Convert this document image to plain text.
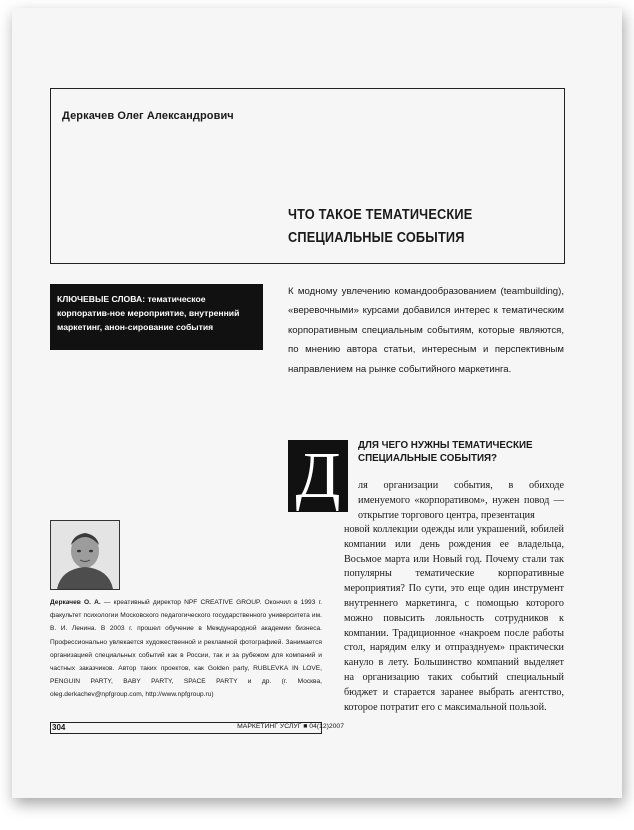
Деркачев Олег Александрович
ЧТО ТАКОЕ ТЕМАТИЧЕСКИЕ
СПЕЦИАЛЬНЫЕ СОБЫТИЯ
КЛЮЧЕВЫЕ СЛОВА: тематическое корпоратив-ное мероприятие, внутренний маркетинг, анон-сирование события
К модному увлечению командообразованием (teambuilding), «веревочными» курсами добавился интерес к тематическим корпоративным специальным событиям, которые являются, по мнению автора статьи, интересным и перспективным направлением на рынке событийного маркетинга.
Д	ДЛЯ ЧЕГО НУЖНЫ ТЕМАТИЧЕСКИЕ
СПЕЦИАЛЬНЫЕ СОБЫТИЯ?
ля организации события, в обиходе именуемого «корпоративом», нужен повод — открытие торгового центра, презентация
новой коллекции одежды или украшений, юбилей компании или день рождения ее владельца, Восьмое марта или Новый год. Почему стали так популярны тематические корпоративные мероприятия? По сути, это еще один инструмент внутреннего маркетинга, с помощью которого можно повысить лояльность сотрудников к компании. Традиционное «накроем после работы стол, нарядим елку и отпразднуем» практически кануло в лету. Большинство компаний выделяет на организацию таких событий специальный бюджет и старается заранее выбрать агентство, которое потратит его с максимальной пользой.
Деркачев О. А. — креативный директор NPF CREATIVE GROUP. Окончил в 1993 г. факультет психологии Московского педагогического государственного университета им. В. И. Ленина. В 2003 г. прошел обучение в Международной академии бизнеса. Профессионально увлекается художественной и рекламной фотографией. Занимается организацией специальных событий как в России, так и за рубежом для компаний и частных заказчиков. Автор таких проектов, как Golden party, RUBLEVKA IN LOVE, PENGUIN PARTY, BABY PARTY, SPACE PARTY и др. (г. Москва, oleg.derkachev@npfgroup.com, http://www.npfgroup.ru)
304	МАРКЕТИНГ УСЛУГ ■ 04(12)2007
